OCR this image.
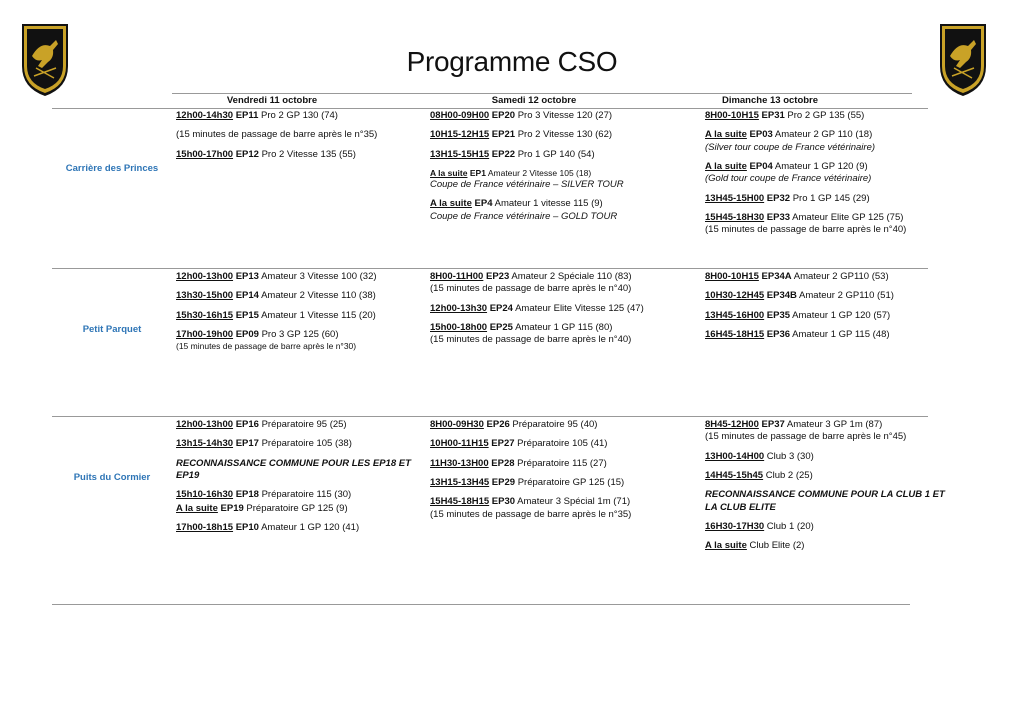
Programme CSO
Vendredi 11 octobre	Samedi 12 octobre	Dimanche 13 octobre
Carrière des Princes
Petit Parquet
Puits du Cormier
12h00-14h30 EP11 Pro 2 GP 130 (74)
(15 minutes de passage de barre après le n°35)
15h00-17h00 EP12 Pro 2 Vitesse 135 (55)
08H00-09H00 EP20 Pro 3 Vitesse 120 (27)
10H15-12H15 EP21 Pro 2 Vitesse 130 (62)
13H15-15H15 EP22 Pro 1 GP 140 (54)
A la suite EP1 Amateur 2 Vitesse 105 (18)
Coupe de France vétérinaire – SILVER TOUR
A la suite EP4 Amateur 1 vitesse 115 (9)
Coupe de France vétérinaire – GOLD TOUR
8H00-10H15 EP31 Pro 2 GP 135 (55)
A la suite EP03 Amateur 2 GP 110 (18)
(Silver tour coupe de France vétérinaire)
A la suite EP04 Amateur 1 GP 120 (9)
(Gold tour coupe de France vétérinaire)
13H45-15H00 EP32 Pro 1 GP 145 (29)
15H45-18H30 EP33 Amateur Elite GP 125 (75)
(15 minutes de passage de barre après le n°40)
12h00-13h00 EP13 Amateur 3 Vitesse 100 (32)
13h30-15h00 EP14 Amateur 2 Vitesse 110 (38)
15h30-16h15 EP15 Amateur 1 Vitesse 115 (20)
17h00-19h00 EP09 Pro 3 GP 125 (60)
(15 minutes de passage de barre après le n°30)
8H00-11H00 EP23 Amateur 2 Spéciale 110 (83)
(15 minutes de passage de barre après le n°40)
12h00-13h30 EP24 Amateur Elite Vitesse 125 (47)
15h00-18h00 EP25 Amateur 1 GP 115 (80)
(15 minutes de passage de barre après le n°40)
8H00-10H15 EP34A Amateur 2 GP110 (53)
10H30-12H45 EP34B Amateur 2 GP110 (51)
13H45-16H00 EP35 Amateur 1 GP 120 (57)
16H45-18H15 EP36 Amateur 1 GP 115 (48)
12h00-13h00 EP16 Préparatoire 95 (25)
13h15-14h30 EP17 Préparatoire 105 (38)
RECONNAISSANCE COMMUNE POUR LES EP18 ET EP19
15h10-16h30 EP18 Préparatoire 115 (30)
A la suite EP19 Préparatoire GP 125 (9)
17h00-18h15 EP10 Amateur 1 GP 120 (41)
8H00-09H30 EP26 Préparatoire 95 (40)
10H00-11H15 EP27 Préparatoire 105 (41)
11H30-13H00 EP28 Préparatoire 115 (27)
13H15-13H45 EP29 Préparatoire GP 125 (15)
15H45-18H15 EP30 Amateur 3 Spécial 1m (71)
(15 minutes de passage de barre après le n°35)
8H45-12H00 EP37 Amateur 3 GP 1m (87)
(15 minutes de passage de barre après le n°45)
13H00-14H00 Club 3 (30)
14H45-15h45 Club 2 (25)
RECONNAISSANCE COMMUNE POUR LA CLUB 1 ET LA CLUB ELITE
16H30-17H30 Club 1 (20)
A la suite Club Elite (2)
